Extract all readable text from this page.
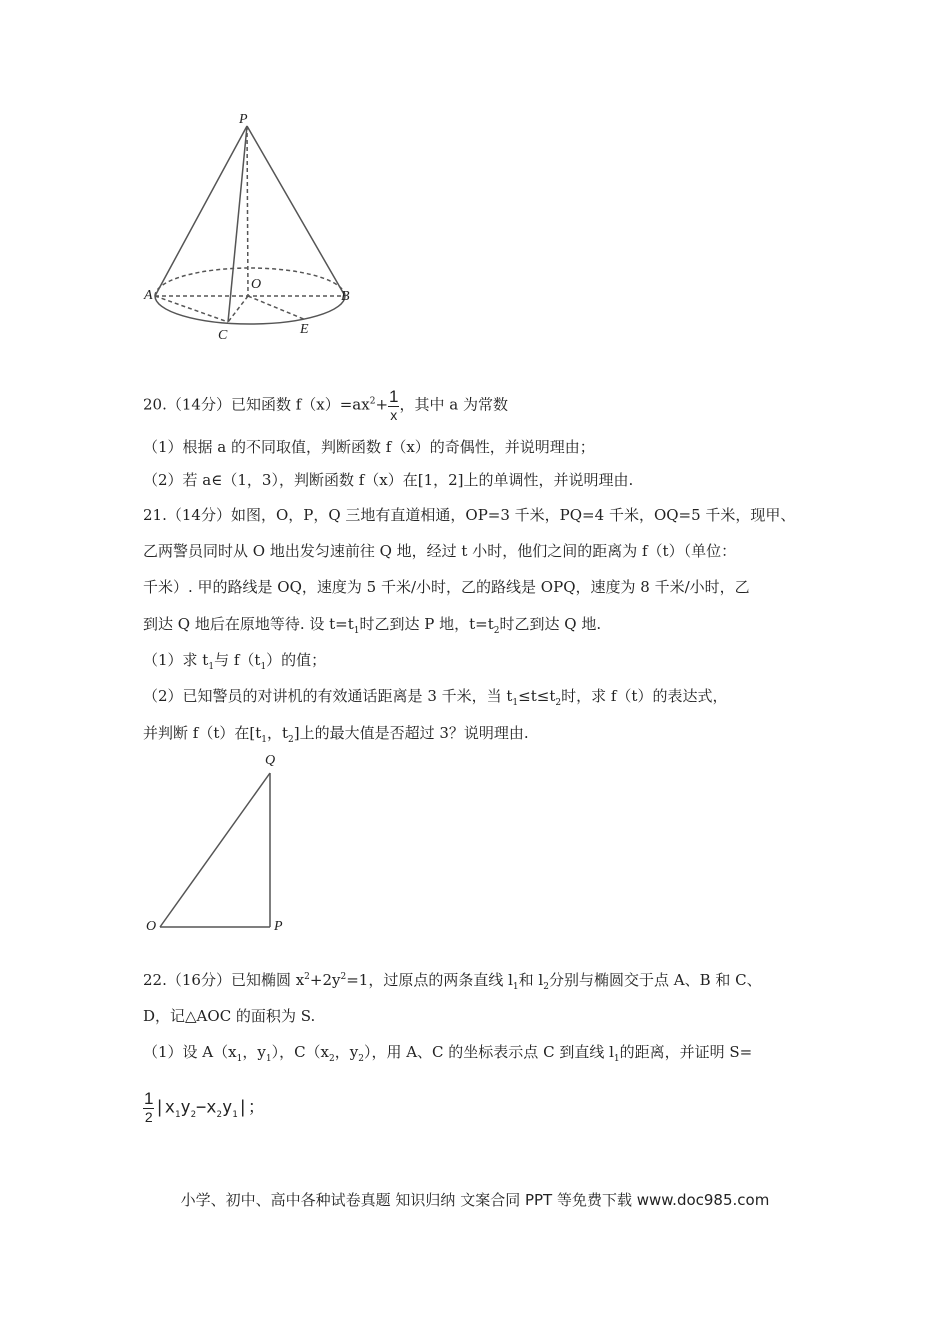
P
A	B
O
C	E
20.（14分）已知函数 $f(x)=ax^2+ \frac{1}{x}$ ，其中 a 为常数
（1）根据 a 的不同取值，判断函数 f（x）的奇偶性，并说明理由；
（2）若 a∈（1，3），判断函数 f（x）在[1，2]上的单调性，并说明理由.
21.（14分）如图，O，P，Q 三地有直道相通，OP=3 千米，PQ=4 千米，OQ=5 千米，现甲、
乙两警员同时从 O 地出发匀速前往 Q 地，经过 t 小时，他们之间的距离为 f（t）（单位：
千米）. 甲的路线是 OQ，速度为 5 千米/小时，乙的路线是 OPQ，速度为 8 千米/小时，乙
到达 Q 地后在原地等待. 设 $t=t_1$时乙到达 P 地，$t=t_2$时乙到达 Q 地.
（1）求 $t_1$与 $f(t_1)$的值；
（2）已知警员的对讲机的有效通话距离是 3 千米，当 $t_1\le t\le t_2$时，求 f（t）的表达式，
并判断 f（t）在[$t_1$，$t_2$]上的最大值是否超过 3？说明理由.
Q
O	P
22.（16分）已知椭圆 $x^2+2y^2=1$，过原点的两条直线 $l_1$和 $l_2$分别与椭圆交于点 A、B 和 C、
D，记△AOC 的面积为 S.
（1）设 $A(x_1$，$y_1$），$C(x_2$，$y_2$），用 A、C 的坐标表示点 C 到直线 $l_1$的距离，并证明 S=
$\frac{1}{2} |x_1y_2-x_2y_1|$；
小学、初中、高中各种试卷真题 知识归纳 文案合同 PPT 等免费下载 www.doc985.com
